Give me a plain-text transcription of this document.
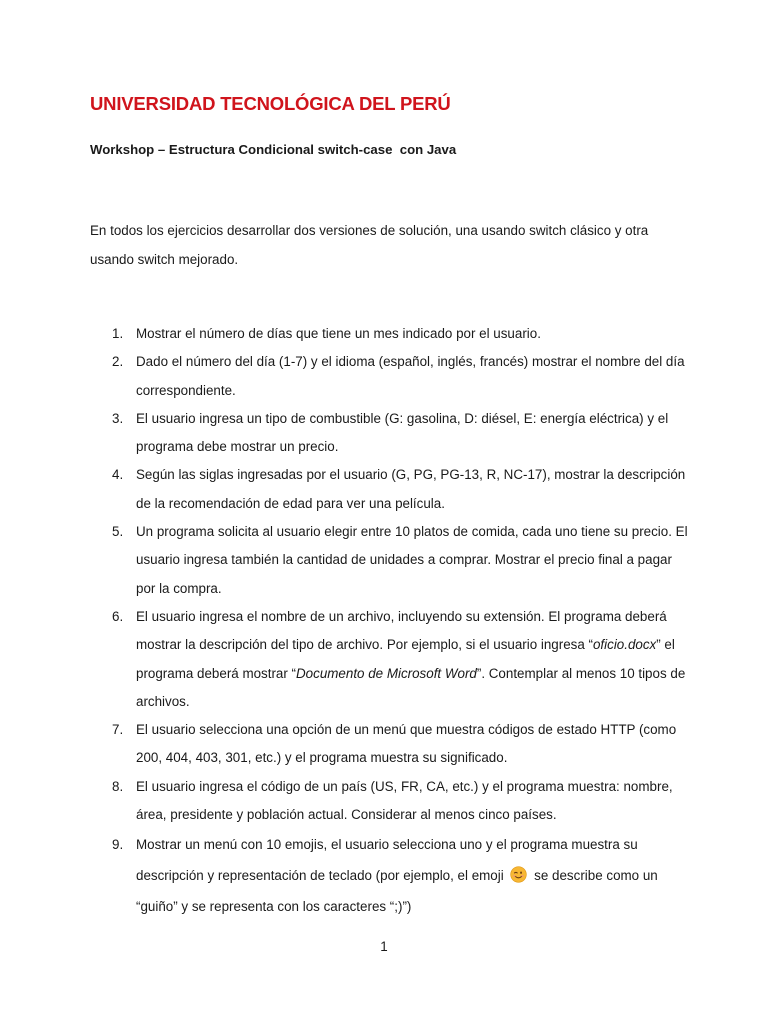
UNIVERSIDAD TECNOLÓGICA DEL PERÚ

Workshop – Estructura Condicional switch-case  con Java

En todos los ejercicios desarrollar dos versiones de solución, una usando switch clásico y otra usando switch mejorado.

1. Mostrar el número de días que tiene un mes indicado por el usuario.
2. Dado el número del día (1-7) y el idioma (español, inglés, francés) mostrar el nombre del día correspondiente.
3. El usuario ingresa un tipo de combustible (G: gasolina, D: diésel, E: energía eléctrica) y el programa debe mostrar un precio.
4. Según las siglas ingresadas por el usuario (G, PG, PG-13, R, NC-17), mostrar la descripción de la recomendación de edad para ver una película.
5. Un programa solicita al usuario elegir entre 10 platos de comida, cada uno tiene su precio. El usuario ingresa también la cantidad de unidades a comprar. Mostrar el precio final a pagar por la compra.
6. El usuario ingresa el nombre de un archivo, incluyendo su extensión. El programa deberá mostrar la descripción del tipo de archivo. Por ejemplo, si el usuario ingresa “oficio.docx” el programa deberá mostrar “Documento de Microsoft Word”. Contemplar al menos 10 tipos de archivos.
7. El usuario selecciona una opción de un menú que muestra códigos de estado HTTP (como 200, 404, 403, 301, etc.) y el programa muestra su significado.
8. El usuario ingresa el código de un país (US, FR, CA, etc.) y el programa muestra: nombre, área, presidente y población actual. Considerar al menos cinco países.
9. Mostrar un menú con 10 emojis, el usuario selecciona uno y el programa muestra su descripción y representación de teclado (por ejemplo, el emoji se describe como un “guiño” y se representa con los caracteres “;)”)

1
